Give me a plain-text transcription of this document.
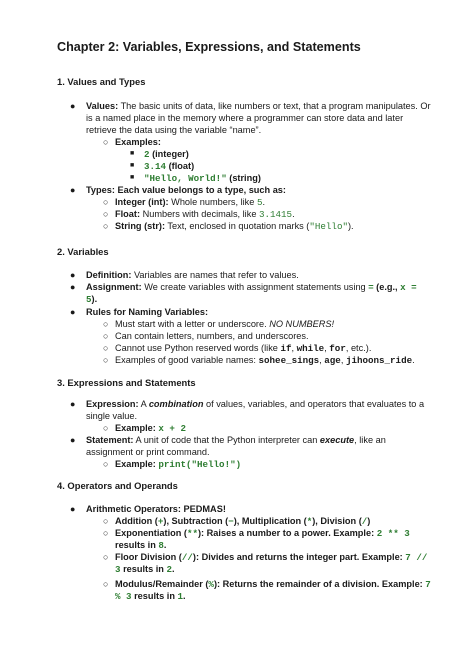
Chapter 2: Variables, Expressions, and Statements
1. Values and Types
● Values: The basic units of data, like numbers or text, that a program manipulates. Or
is a named place in the memory where a programmer can store data and later
retrieve the data using the variable “name”.
○ Examples:
■ 2 (integer)
■ 3.14 (float)
■ "Hello, World!" (string)
● Types: Each value belongs to a type, such as:
○ Integer (int): Whole numbers, like 5.
○ Float: Numbers with decimals, like 3.1415.
○ String (str): Text, enclosed in quotation marks ("Hello").
2. Variables
● Definition: Variables are names that refer to values.
● Assignment: We create variables with assignment statements using = (e.g., x =
5).
● Rules for Naming Variables:
○ Must start with a letter or underscore. NO NUMBERS!
○ Can contain letters, numbers, and underscores.
○ Cannot use Python reserved words (like if, while, for, etc.).
○ Examples of good variable names: sohee_sings, age, jihoons_ride.
3. Expressions and Statements
● Expression: A combination of values, variables, and operators that evaluates to a
single value.
○ Example: x + 2
● Statement: A unit of code that the Python interpreter can execute, like an
assignment or print command.
○ Example: print("Hello!")
4. Operators and Operands
● Arithmetic Operators: PEDMAS!
○ Addition (+), Subtraction (−), Multiplication (*), Division (/)
○ Exponentiation (**): Raises a number to a power. Example: 2 ** 3
results in 8.
○ Floor Division (//): Divides and returns the integer part. Example: 7 //
3 results in 2.
○ Modulus/Remainder (%): Returns the remainder of a division. Example: 7
% 3 results in 1.
